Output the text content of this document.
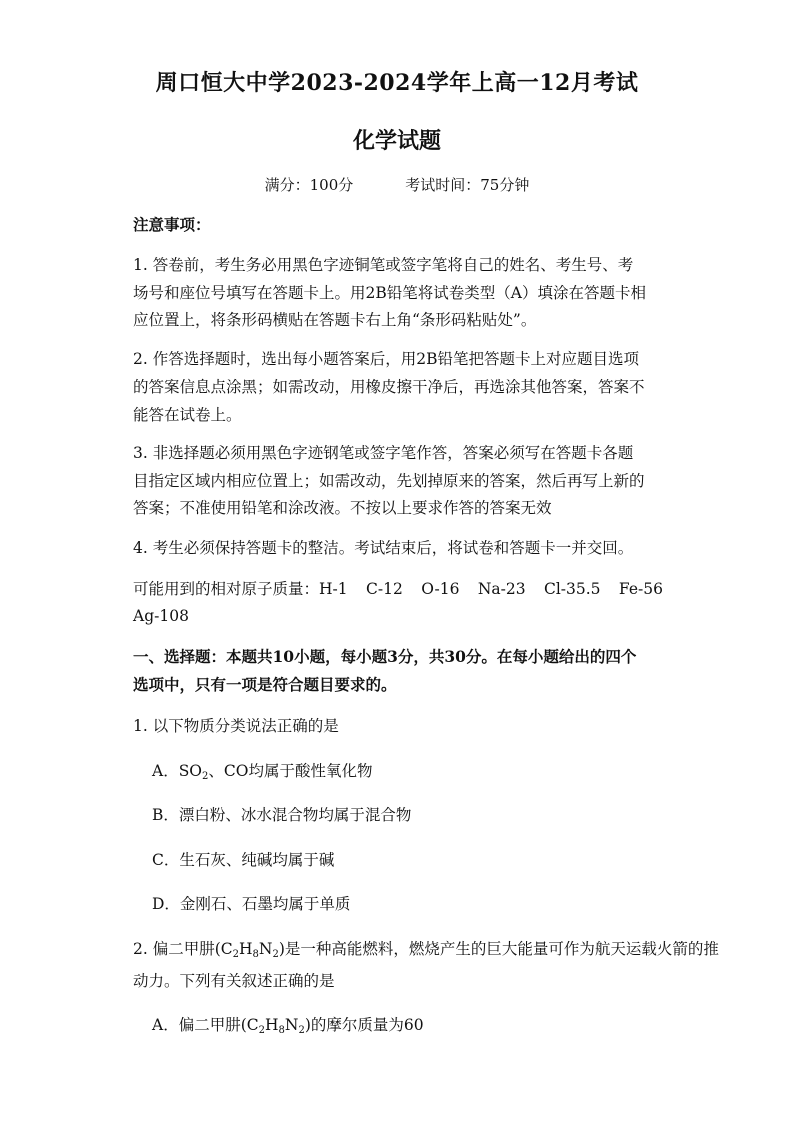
周口恒大中学2023-2024学年上高一12月考试
化学试题
满分：100分	考试时间：75分钟
注意事项：
1. 答卷前，考生务必用黑色字迹铜笔或签字笔将自己的姓名、考生号、考
场号和座位号填写在答题卡上。用2B铅笔将试卷类型（A）填涂在答题卡相
应位置上，将条形码横贴在答题卡右上角“条形码粘贴处”。
2. 作答选择题时，选出每小题答案后，用2B铅笔把答题卡上对应题目选项
的答案信息点涂黑；如需改动，用橡皮擦干净后，再选涂其他答案，答案不
能答在试卷上。
3. 非选择题必须用黑色字迹钢笔或签字笔作答，答案必须写在答题卡各题
目指定区域内相应位置上；如需改动，先划掉原来的答案，然后再写上新的
答案；不准使用铅笔和涂改液。不按以上要求作答的答案无效
4. 考生必须保持答题卡的整洁。考试结束后，将试卷和答题卡一并交回。
可能用到的相对原子质量：H-1 C-12 O-16 Na-23 Cl-35.5 Fe-56
Ag-108
一、选择题：本题共10小题，每小题3分，共30分。在每小题给出的四个
选项中，只有一项是符合题目要求的。
1. 以下物质分类说法正确的是
A．$SO_2$、CO均属于酸性氧化物
B．漂白粉、冰水混合物均属于混合物
C．生石灰、纯碱均属于碱
D．金刚石、石墨均属于单质
2. 偏二甲肼$(C_2H_8N_2)$是一种高能燃料，燃烧产生的巨大能量可作为航天运载火箭的推
动力。下列有关叙述正确的是
A．偏二甲肼$(C_2H_8N_2)$的摩尔质量为60
